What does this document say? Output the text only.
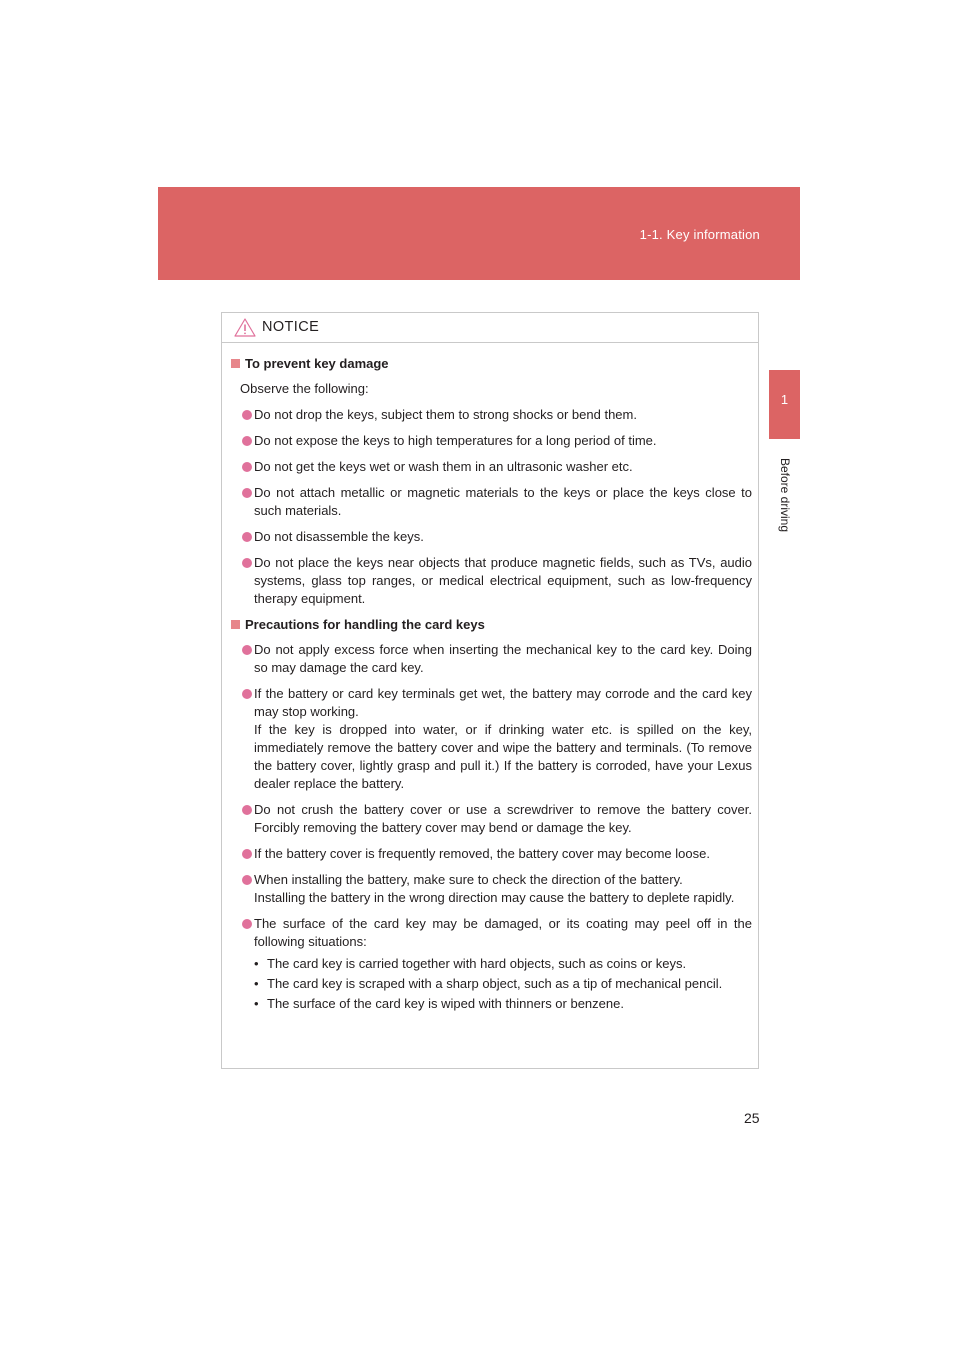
1-1. Key information
1
Before driving
NOTICE
To prevent key damage

Observe the following:

Do not drop the keys, subject them to strong shocks or bend them.

Do not expose the keys to high temperatures for a long period of time.

Do not get the keys wet or wash them in an ultrasonic washer etc.

Do not attach metallic or magnetic materials to the keys or place the keys close to such materials.

Do not disassemble the keys.

Do not place the keys near objects that produce magnetic fields, such as TVs, audio systems, glass top ranges, or medical electrical equipment, such as low-frequency therapy equipment.

Precautions for handling the card keys

Do not apply excess force when inserting the mechanical key to the card key. Doing so may damage the card key.

If the battery or card key terminals get wet, the battery may corrode and the card key may stop working.

If the key is dropped into water, or if drinking water etc. is spilled on the key, immediately remove the battery cover and wipe the battery and terminals. (To remove the battery cover, lightly grasp and pull it.) If the battery is corroded, have your Lexus dealer replace the battery.

Do not crush the battery cover or use a screwdriver to remove the battery cover. Forcibly removing the battery cover may bend or damage the key.

If the battery cover is frequently removed, the battery cover may become loose.

When installing the battery, make sure to check the direction of the battery.

Installing the battery in the wrong direction may cause the battery to deplete rapidly.

The surface of the card key may be damaged, or its coating may peel off in the following situations:

• The card key is carried together with hard objects, such as coins or keys.
• The card key is scraped with a sharp object, such as a tip of mechanical pencil.
• The surface of the card key is wiped with thinners or benzene.
25
